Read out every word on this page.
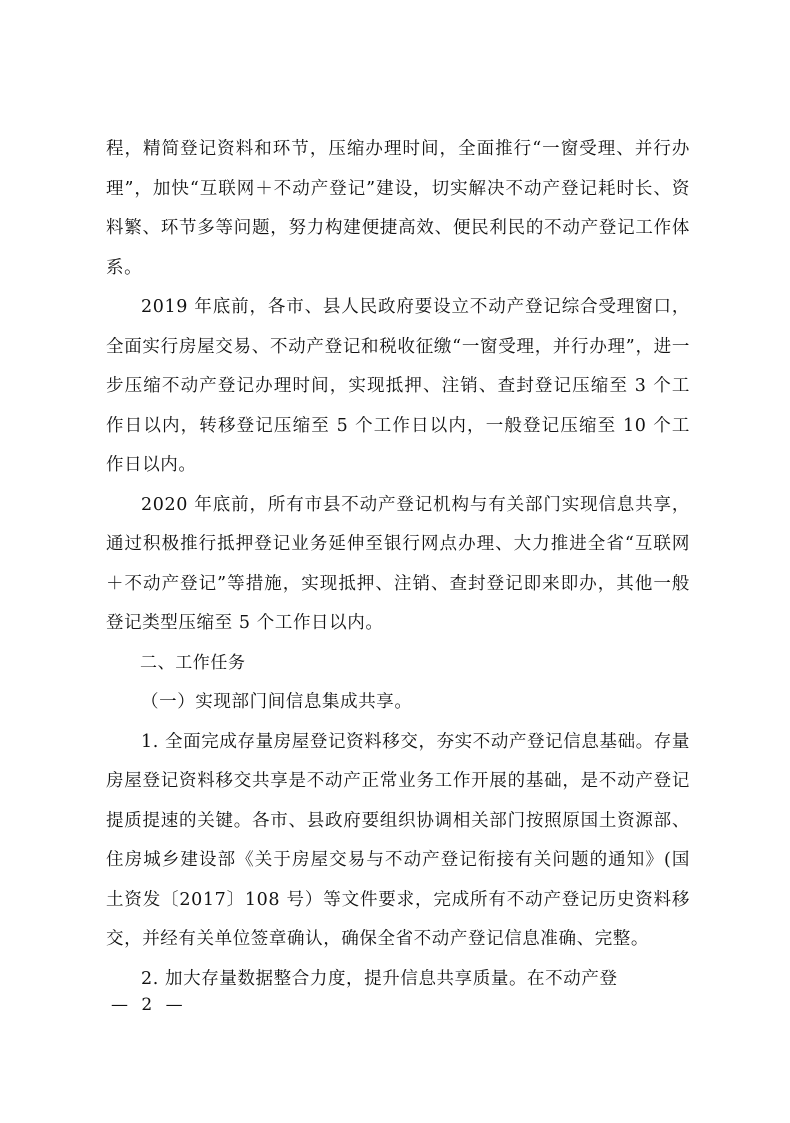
程，精简登记资料和环节，压缩办理时间，全面推行“一窗受理、并行办理”，加快“互联网＋不动产登记”建设，切实解决不动产登记耗时长、资料繁、环节多等问题，努力构建便捷高效、便民利民的不动产登记工作体系。

2019 年底前，各市、县人民政府要设立不动产登记综合受理窗口，全面实行房屋交易、不动产登记和税收征缴“一窗受理，并行办理”，进一步压缩不动产登记办理时间，实现抵押、注销、查封登记压缩至 3 个工作日以内，转移登记压缩至 5 个工作日以内，一般登记压缩至 10 个工作日以内。

2020 年底前，所有市县不动产登记机构与有关部门实现信息共享，通过积极推行抵押登记业务延伸至银行网点办理、大力推进全省“互联网＋不动产登记”等措施，实现抵押、注销、查封登记即来即办，其他一般登记类型压缩至 5 个工作日以内。

二、工作任务

（一）实现部门间信息集成共享。

1. 全面完成存量房屋登记资料移交，夯实不动产登记信息基础。存量房屋登记资料移交共享是不动产正常业务工作开展的基础，是不动产登记提质提速的关键。各市、县政府要组织协调相关部门按照原国土资源部、住房城乡建设部《关于房屋交易与不动产登记衔接有关问题的通知》(国土资发〔2017〕108 号）等文件要求，完成所有不动产登记历史资料移交，并经有关单位签章确认，确保全省不动产登记信息准确、完整。

2. 加大存量数据整合力度，提升信息共享质量。在不动产登

— 2 —
